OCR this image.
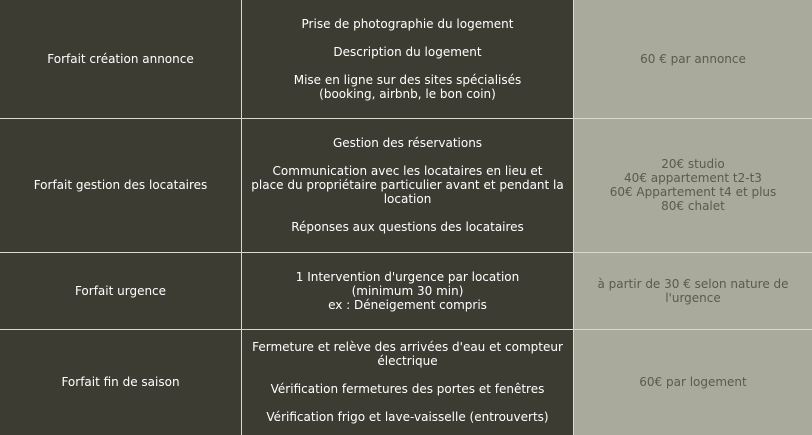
Forfait création annonce	Prise de photographie du logement
Description du logement
Mise en ligne sur des sites spécialisés
(booking, airbnb, le bon coin)	60 € par annonce

Forfait gestion des locataires	Gestion des réservations
Communication avec les locataires en lieu et
place du propriétaire particulier avant et pendant la
location
Réponses aux questions des locataires	20€ studio
40€ appartement t2-t3
60€ Appartement t4 et plus
80€ chalet

Forfait urgence	1 Intervention d'urgence par location
(minimum 30 min)
ex : Déneigement compris	à partir de 30 € selon nature de l'urgence

Forfait fin de saison	Fermeture et relève des arrivées d'eau et compteur
électrique
Vérification fermetures des portes et fenêtres
Vérification frigo et lave-vaisselle (entrouverts)	60€ par logement
